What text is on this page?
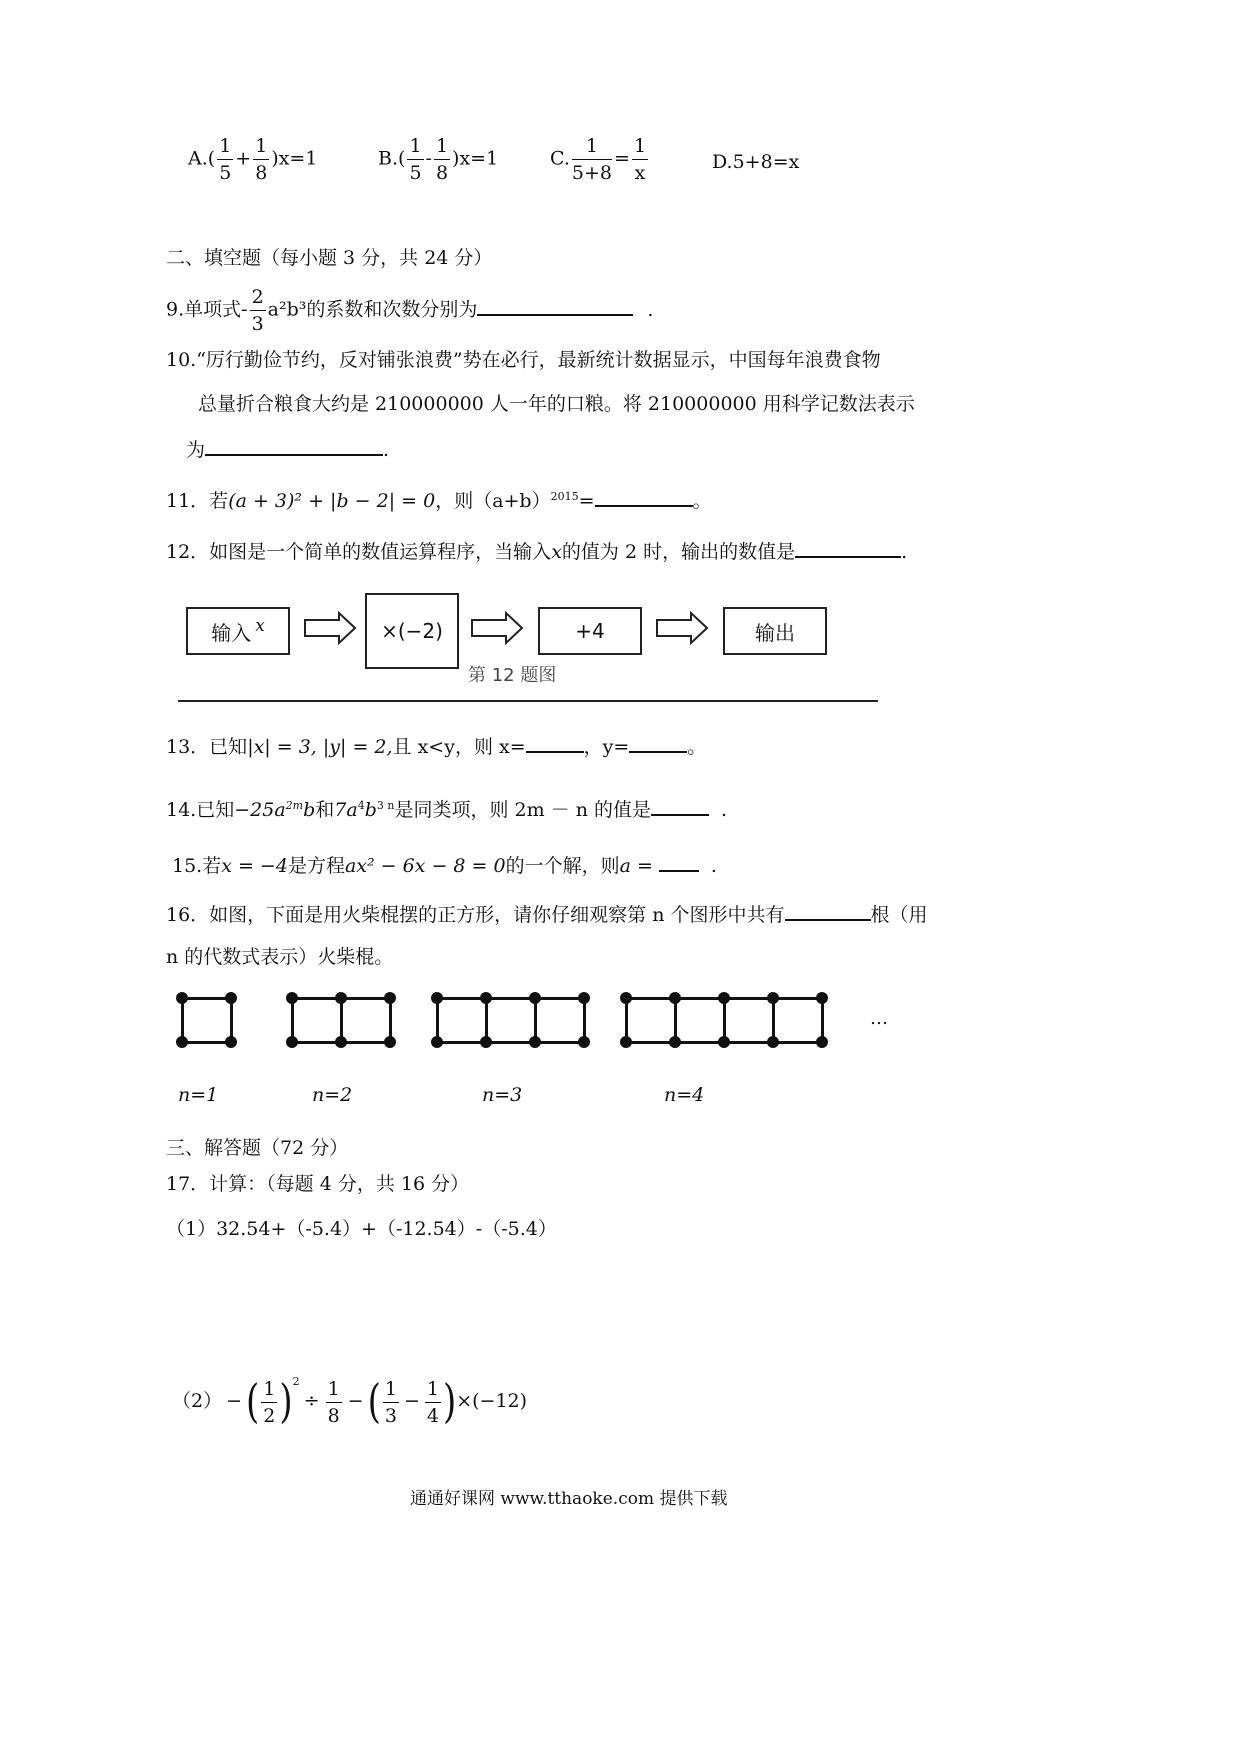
$A.( \frac{1}{5} + \frac{1}{8} )x=1$	$B.( \frac{1}{5} - \frac{1}{8} )x=1$	C. $\frac{1}{5+8} = \frac{1}{x}$	D.5+8=x
二、填空题（每小题 3 分，共 24 分）
9.单项式- $\frac{2}{3} a^2b^3$的系数和次数分别为	.
10.“厉行勤俭节约，反对铺张浪费”势在必行，最新统计数据显示，中国每年浪费食物
总量折合粮食大约是 210000000 人一年的口粮。将 210000000 用科学记数法表示
为	.
11．若(a + 3)² + |b − 2| = 0，则$(a+b)^{2015}=$	。
12．如图是一个简单的数值运算程序，当输入x的值为 2 时，输出的数值是	.
输入 x	×(−2)	+4	输出
第 12 题图
13．已知|x| = 3, |y| = 2,且 x<y，则 x=	，y=	。
14.已知$-25a^{2m}b$和$7a^4b^{3 n}$是同类项，则 2m － n 的值是	.
15.若x = −4是方程ax² − 6x − 8 = 0的一个解，则a =	.
16．如图，下面是用火柴棍摆的正方形，请你仔细观察第 n 个图形中共有	根（用
n 的代数式表示）火柴棍。
…
n=1	n=2	n=3	n=4
三、解答题（72 分）
17．计算：（每题 4 分，共 16 分）
（1）32.54+（-5.4）+（-12.54）-（-5.4）
（2） − ( $\frac{1}{2} )^2\div \frac{1}{8}$ − ( $\frac{1}{3} - \frac{1}{4} )\times(-12)$
通通好课网 www.tthaoke.com 提供下载
